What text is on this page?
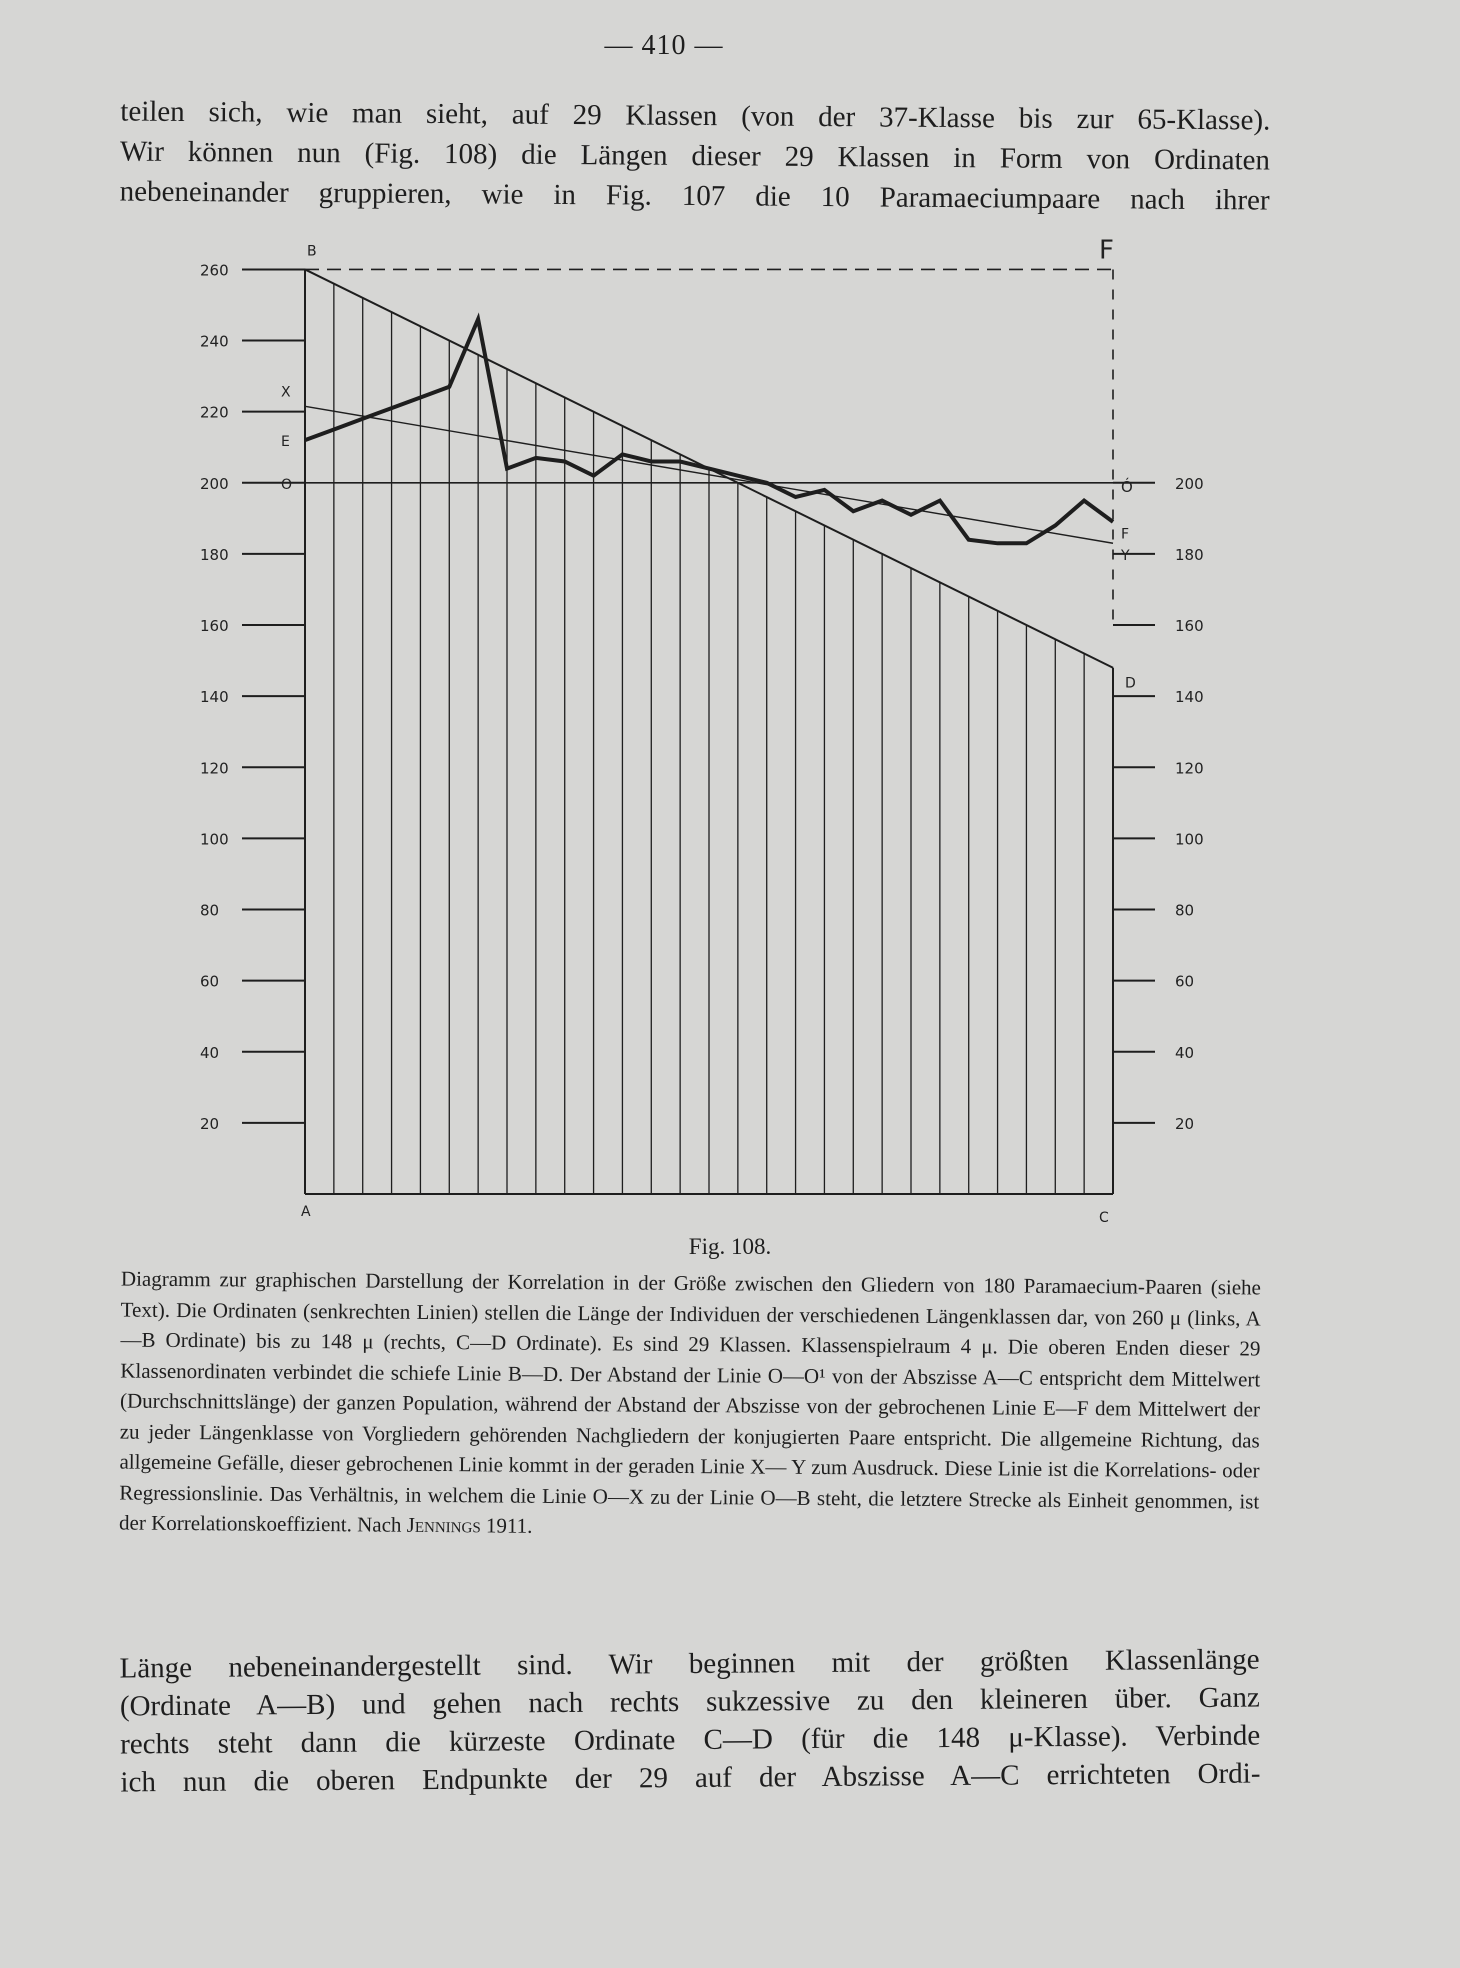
— 410 —

teilen sich, wie man sieht, auf 29 Klassen (von der 37-Klasse bis zur 65-Klasse).

Wir können nun (Fig. 108) die Längen dieser 29 Klassen in Form von Ordinaten

nebeneinander gruppieren, wie in Fig. 107 die 10 Paramaeciumpaare nach ihrer

260
240
220
200
180
160
140
120
100
80
60
40
20
200
180
160
140
120
100
80
60
40
20
B
A	C
D
X
E
O	Ó
F
Y
F
Fig. 108.

Diagramm zur graphischen Darstellung der Korrelation in der Größe zwischen den Gliedern von 180 Paramaecium-Paaren (siehe Text). Die Ordinaten (senkrechten Linien) stellen die Länge der Individuen der verschiedenen Längenklassen dar, von 260 μ (links, A—B Ordinate) bis zu 148 μ (rechts, C—D Ordinate). Es sind 29 Klassen. Klassenspielraum 4 μ. Die oberen Enden dieser 29 Klassenordinaten verbindet die schiefe Linie B—D. Der Abstand der Linie O—O¹ von der Abszisse A—C entspricht dem Mittelwert (Durchschnittslänge) der ganzen Population, während der Abstand der Abszisse von der gebrochenen Linie E—F dem Mittelwert der zu jeder Längenklasse von Vorgliedern gehörenden Nachgliedern der konjugierten Paare entspricht. Die allgemeine Richtung, das allgemeine Gefälle, dieser gebrochenen Linie kommt in der geraden Linie X— Y zum Ausdruck. Diese Linie ist die Korrelations- oder Regressionslinie. Das Verhältnis, in welchem die Linie O—X zu der Linie O—B steht, die letztere Strecke als Einheit genommen, ist der Korrelationskoeffizient. Nach Jennings 1911.

Länge nebeneinandergestellt sind. Wir beginnen mit der größten Klassenlänge

(Ordinate A—B) und gehen nach rechts sukzessive zu den kleineren über. Ganz

rechts steht dann die kürzeste Ordinate C—D (für die 148 μ-Klasse). Verbinde

ich nun die oberen Endpunkte der 29 auf der Abszisse A—C errichteten Ordi-
